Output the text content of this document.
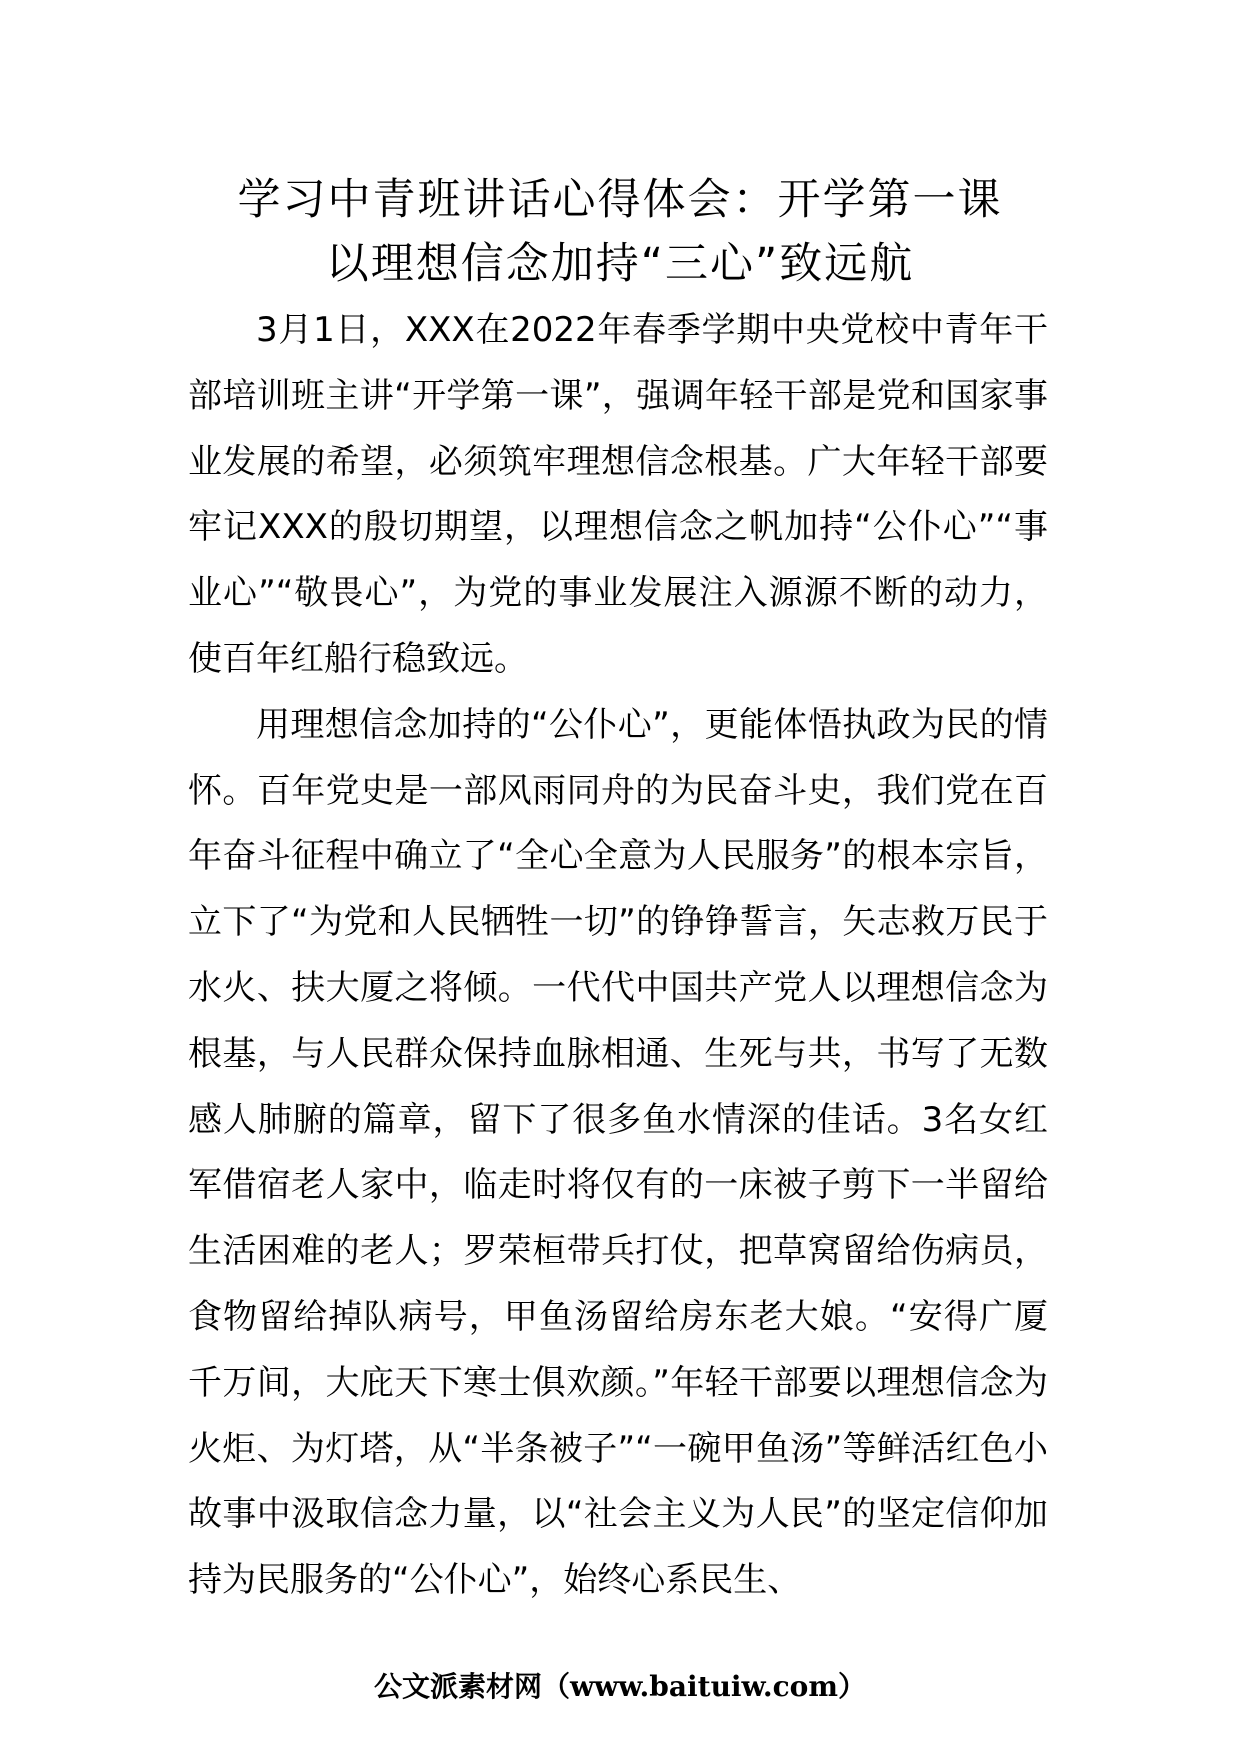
学习中青班讲话心得体会：开学第一课
以理想信念加持“三心”致远航

3月1日，XXX在2022年春季学期中央党校中青年干部培训班主讲“开学第一课”，强调年轻干部是党和国家事业发展的希望，必须筑牢理想信念根基。广大年轻干部要牢记XXX的殷切期望，以理想信念之帆加持“公仆心”“事业心”“敬畏心”，为党的事业发展注入源源不断的动力，使百年红船行稳致远。

用理想信念加持的“公仆心”，更能体悟执政为民的情怀。百年党史是一部风雨同舟的为民奋斗史，我们党在百年奋斗征程中确立了“全心全意为人民服务”的根本宗旨，立下了“为党和人民牺牲一切”的铮铮誓言，矢志救万民于水火、扶大厦之将倾。一代代中国共产党人以理想信念为根基，与人民群众保持血脉相通、生死与共，书写了无数感人肺腑的篇章，留下了很多鱼水情深的佳话。3名女红军借宿老人家中，临走时将仅有的一床被子剪下一半留给生活困难的老人；罗荣桓带兵打仗，把草窝留给伤病员，食物留给掉队病号，甲鱼汤留给房东老大娘。“安得广厦千万间，大庇天下寒士俱欢颜。”年轻干部要以理想信念为火炬、为灯塔，从“半条被子”“一碗甲鱼汤”等鲜活红色小故事中汲取信念力量，以“社会主义为人民”的坚定信仰加持为民服务的“公仆心”，始终心系民生、

公文派素材网（www.baituiw.com）
